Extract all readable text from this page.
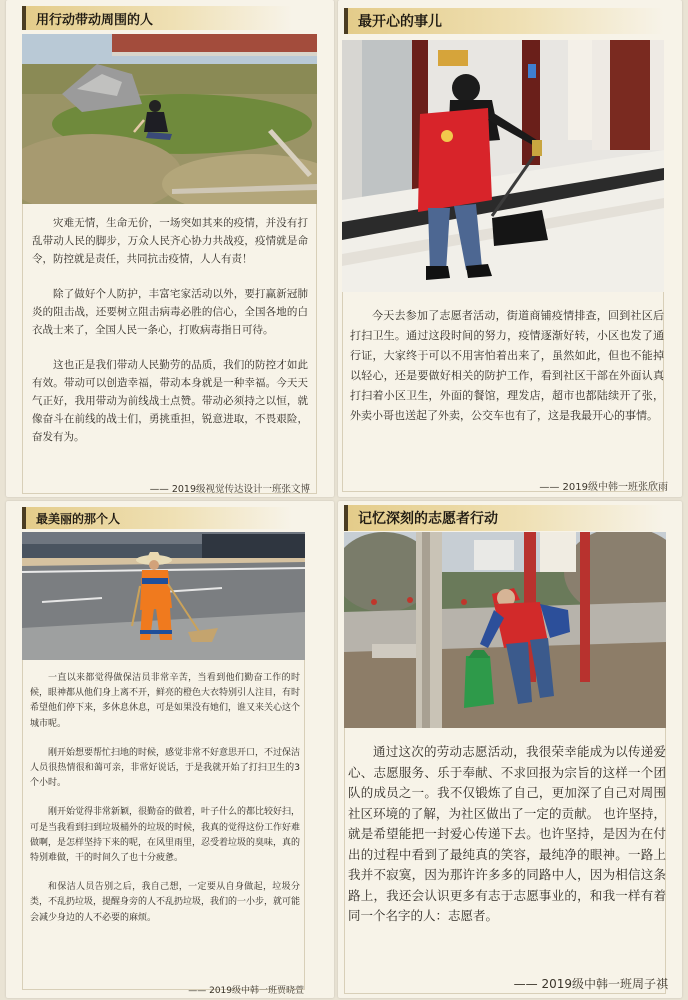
用行动带动周围的人

灾难无情，生命无价，一场突如其来的疫情，并没有打乱带动人民的脚步，万众人民齐心协力共战疫，疫情就是命令，防控就是责任，共同抗击疫情，人人有责！

除了做好个人防护，丰富宅家活动以外，要打赢新冠肺炎的阻击战，还要树立阻击病毒必胜的信心，全国各地的白衣战士来了，全国人民一条心，打败病毒指日可待。

这也正是我们带动人民勤劳的品质，我们的防控才如此有效。带动可以创造幸福，带动本身就是一种幸福。今天天气正好，我用带动为前线战士点赞。带动必须持之以恒，就像奋斗在前线的战士们，勇挑重担，锐意进取，不畏艰险，奋发有为。

—— 2019级视觉传达设计一班张文博
最开心的事儿

今天去参加了志愿者活动，街道商铺疫情排查，回到社区后打扫卫生。通过这段时间的努力，疫情逐渐好转，小区也发了通行证，大家终于可以不用害怕着出来了，虽然如此，但也不能掉以轻心，还是要做好相关的防护工作，看到社区干部在外面认真打扫着小区卫生，外面的餐馆，理发店，超市也都陆续开了张，外卖小哥也送起了外卖，公交车也有了，这是我最开心的事情。

—— 2019级中韩一班张欣雨
最美丽的那个人

一直以来都觉得做保洁员非常辛苦，当看到他们勤奋工作的时候，眼神都从他们身上离不开，鲜亮的橙色大衣特别引人注目，有时希望他们停下来，多休息休息，可是如果没有她们，谁又来关心这个城市呢。

刚开始想要帮忙扫地的时候，感觉非常不好意思开口，不过保洁人员很热情很和蔼可亲，非常好说话，于是我就开始了打扫卫生的3个小时。

刚开始觉得非常新颖，很勤奋的做着，叶子什么的都比较好扫，可是当我看到扫到垃圾桶外的垃圾的时候，我真的觉得这份工作好难做啊，是怎样坚持下来的呢，在风里雨里，忍受着垃圾的臭味，真的特别难做，干的时间久了也十分疲惫。

和保洁人员告别之后，我自己想，一定要从自身做起，垃圾分类，不乱扔垃圾，提醒身旁的人不乱扔垃圾，我们的一小步，就可能会减少身边的人不必要的麻烦。

—— 2019级中韩一班贾晓萱
记忆深刻的志愿者行动

通过这次的劳动志愿活动，我很荣幸能成为以传递爱心、志愿服务、乐于奉献、不求回报为宗旨的这样一个团队的成员之一。我不仅锻炼了自己，更加深了自己对周围社区环境的了解，为社区做出了一定的贡献。 也许坚持，就是希望能把一封爱心传递下去。也许坚持，是因为在付出的过程中看到了最纯真的笑容，最纯净的眼神。一路上我并不寂寞，因为那许许多多的同路中人，因为相信这条路上，我还会认识更多有志于志愿事业的，和我一样有着同一个名字的人：志愿者。

—— 2019级中韩一班周子祺
